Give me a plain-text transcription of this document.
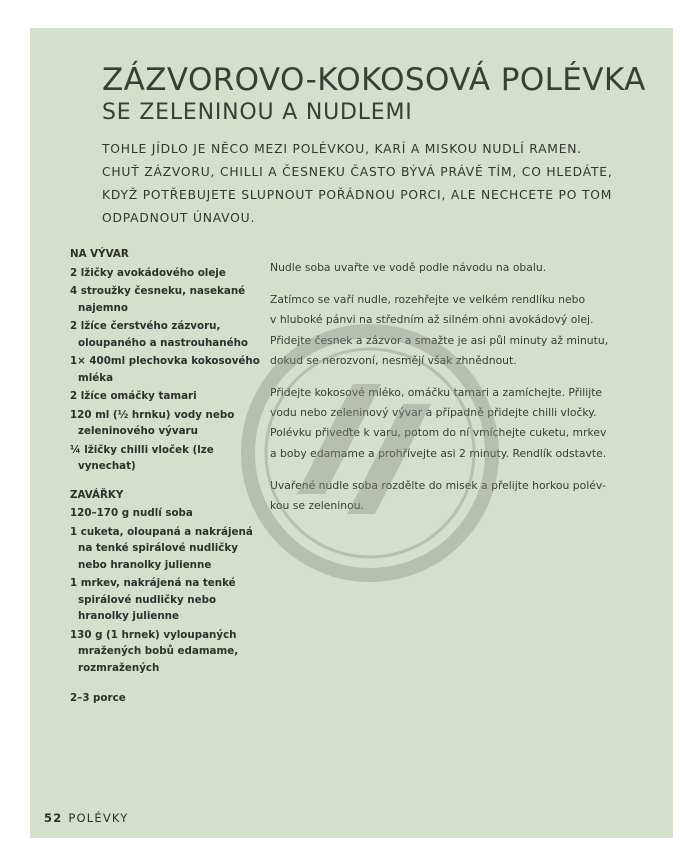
ZÁZVOROVO-KOKOSOVÁ POLÉVKA
SE ZELENINOU A NUDLEMI
TOHLE JÍDLO JE NĚCO MEZI POLÉVKOU, KARÍ A MISKOU NUDLÍ RAMEN.
CHUŤ ZÁZVORU, CHILLI A ČESNEKU ČASTO BÝVÁ PRÁVĚ TÍM, CO HLEDÁTE,
KDYŽ POTŘEBUJETE SLUPNOUT POŘÁDNOU PORCI, ALE NECHCETE PO TOM
ODPADNOUT ÚNAVOU.
NA VÝVAR
2 lžičky avokádového oleje
4 stroužky česneku, nasekané
najemno
2 lžíce čerstvého zázvoru,
oloupaného a nastrouhaného
1× 400ml plechovka kokosového
mléka
2 lžíce omáčky tamari
120 ml (½ hrnku) vody nebo
zeleninového vývaru
¼ lžičky chilli vloček (lze
vynechat)
ZAVÁŘKY
120–170 g nudlí soba
1 cuketa, oloupaná a nakrájená
na tenké spirálové nudličky
nebo hranolky julienne
1 mrkev, nakrájená na tenké
spirálové nudličky nebo
hranolky julienne
130 g (1 hrnek) vyloupaných
mražených bobů edamame,
rozmražených
2–3 porce

Nudle soba uvařte ve vodě podle návodu na obalu.

Zatímco se vaří nudle, rozehřejte ve velkém rendlíku nebo
v hluboké pánvi na středním až silném ohni avokádový olej.
Přidejte česnek a zázvor a smažte je asi půl minuty až minutu,
dokud se nerozvoní, nesmějí však zhnědnout.

Přidejte kokosové mléko, omáčku tamari a zamíchejte. Přilijte
vodu nebo zeleninový vývar a případně přidejte chilli vločky.
Polévku přiveďte k varu, potom do ní vmíchejte cuketu, mrkev
a boby edamame a prohřívejte asi 2 minuty. Rendlík odstavte.

Uvařené nudle soba rozdělte do misek a přelijte horkou polév-
kou se zeleninou.

52 POLÉVKY
